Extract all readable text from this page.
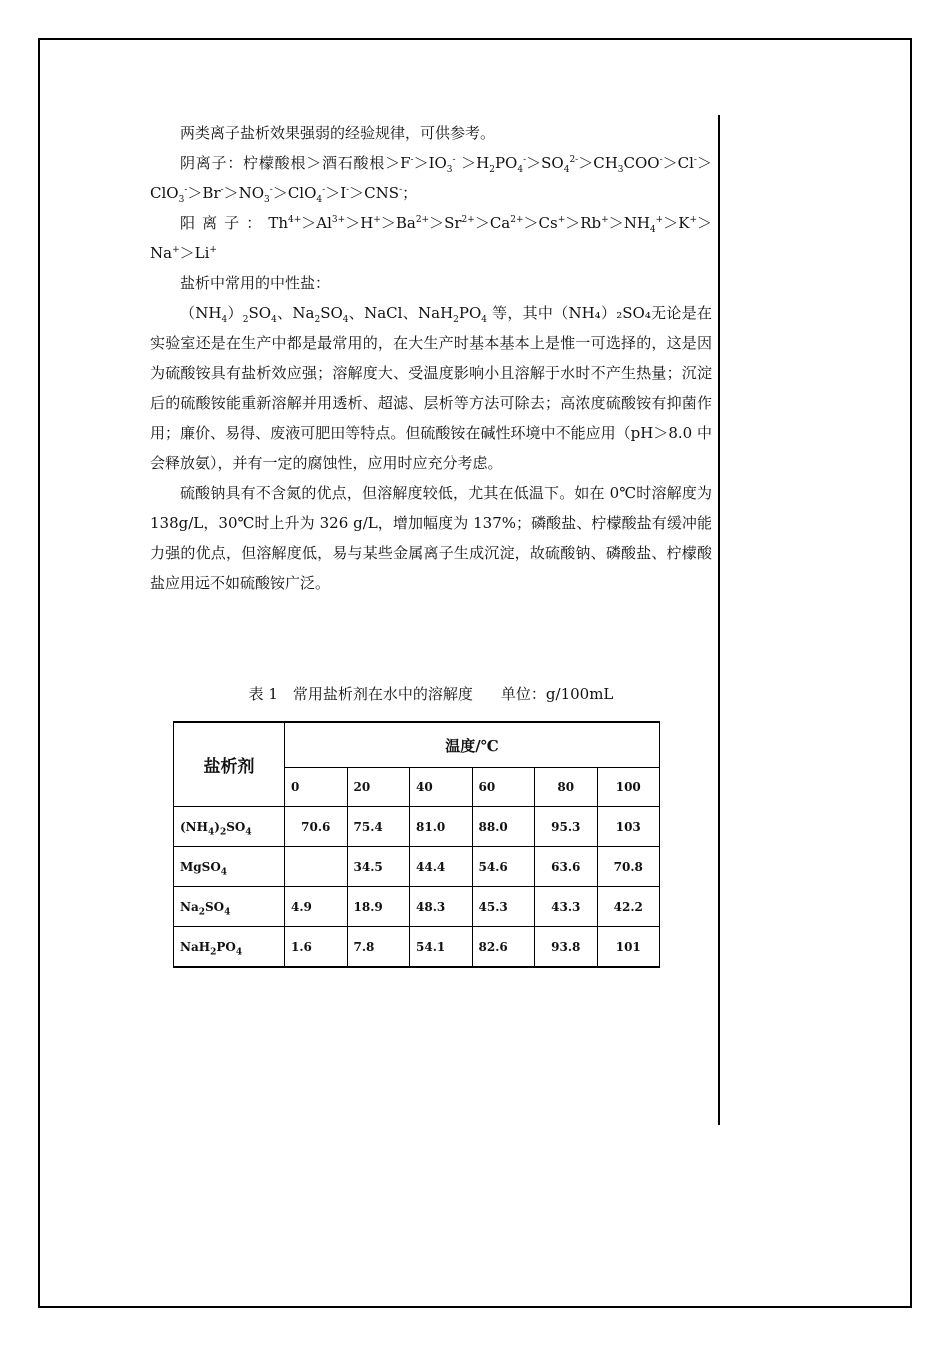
两类离子盐析效果强弱的经验规律，可供参考。

阴离子：柠檬酸根＞酒石酸根$>F^->IO_3^- >H_2PO_4^->SO_4^{2-}>CH_3COO^->Cl^->ClO_3^->Br^->NO_3^->ClO_4^->I^->CNS^-$；

阳离子：$Th^{4+}>Al^{3+}>H^+>Ba^{2+}>Sr^{2+}>Ca^{2+}>Cs^+>Rb^+>NH_4^+>K^+>Na^+>Li^+$

盐析中常用的中性盐：

$(NH_4)_2SO_4$、$Na_2SO_4$、NaCl、$NaH_2PO_4$ 等，其中（NH₄）₂SO₄无论是在实验室还是在生产中都是最常用的，在大生产时基本基本上是惟一可选择的，这是因为硫酸铵具有盐析效应强；溶解度大、受温度影响小且溶解于水时不产生热量；沉淀后的硫酸铵能重新溶解并用透析、超滤、层析等方法可除去；高浓度硫酸铵有抑菌作用；廉价、易得、废液可肥田等特点。但硫酸铵在碱性环境中不能应用（pH＞8.0 中会释放氨），并有一定的腐蚀性，应用时应充分考虑。

硫酸钠具有不含氮的优点，但溶解度较低，尤其在低温下。如在 0℃时溶解度为 138g/L，30℃时上升为 326 g/L，增加幅度为 137%；磷酸盐、柠檬酸盐有缓冲能力强的优点，但溶解度低，易与某些金属离子生成沉淀，故硫酸钠、磷酸盐、柠檬酸盐应用远不如硫酸铵广泛。

表 1　常用盐析剂在水中的溶解度 单位：g/100mL
盐析剂	温度/℃					
	0	20	40	60	80	100
$(NH_4)_2SO_4$	70.6	75.4	81.0	88.0	95.3	103
MgSO$_4$		34.5	44.4	54.6	63.6	70.8
$Na_2SO_4$	4.9	18.9	48.3	45.3	43.3	42.2
$NaH_2PO_4$	1.6	7.8	54.1	82.6	93.8	101
